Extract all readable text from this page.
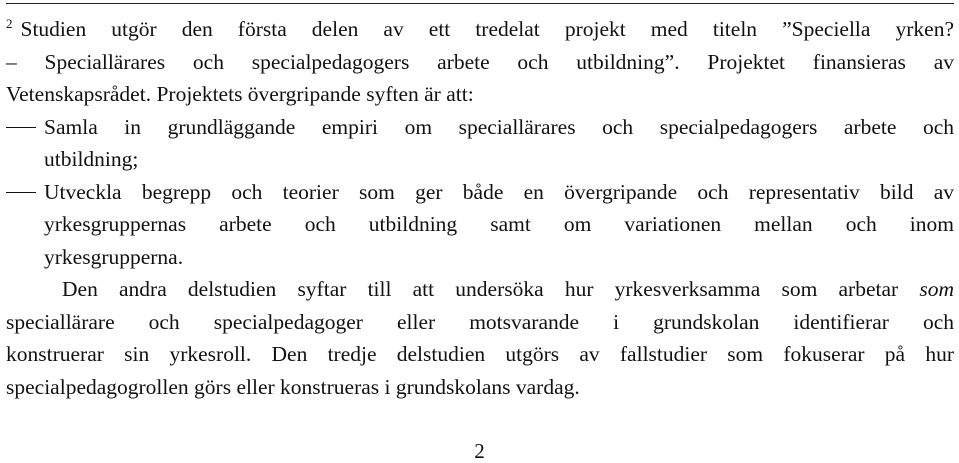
$^2$ Studien utgör den första delen av ett tredelat projekt med titeln ”Speciella yrken?
– Speciallärares och specialpedagogers arbete och utbildning”. Projektet finansieras av
Vetenskapsrådet. Projektets övergripande syften är att:
Samla in grundläggande empiri om speciallärares och specialpedagogers arbete och
utbildning;
Utveckla begrepp och teorier som ger både en övergripande och representativ bild av
yrkesgruppernas arbete och utbildning samt om variationen mellan och inom
yrkesgrupperna.
Den andra delstudien syftar till att undersöka hur yrkesverksamma som arbetar som
speciallärare och specialpedagoger eller motsvarande i grundskolan identifierar och
konstruerar sin yrkesroll. Den tredje delstudien utgörs av fallstudier som fokuserar på hur
specialpedagogrollen görs eller konstrueras i grundskolans vardag.
2
